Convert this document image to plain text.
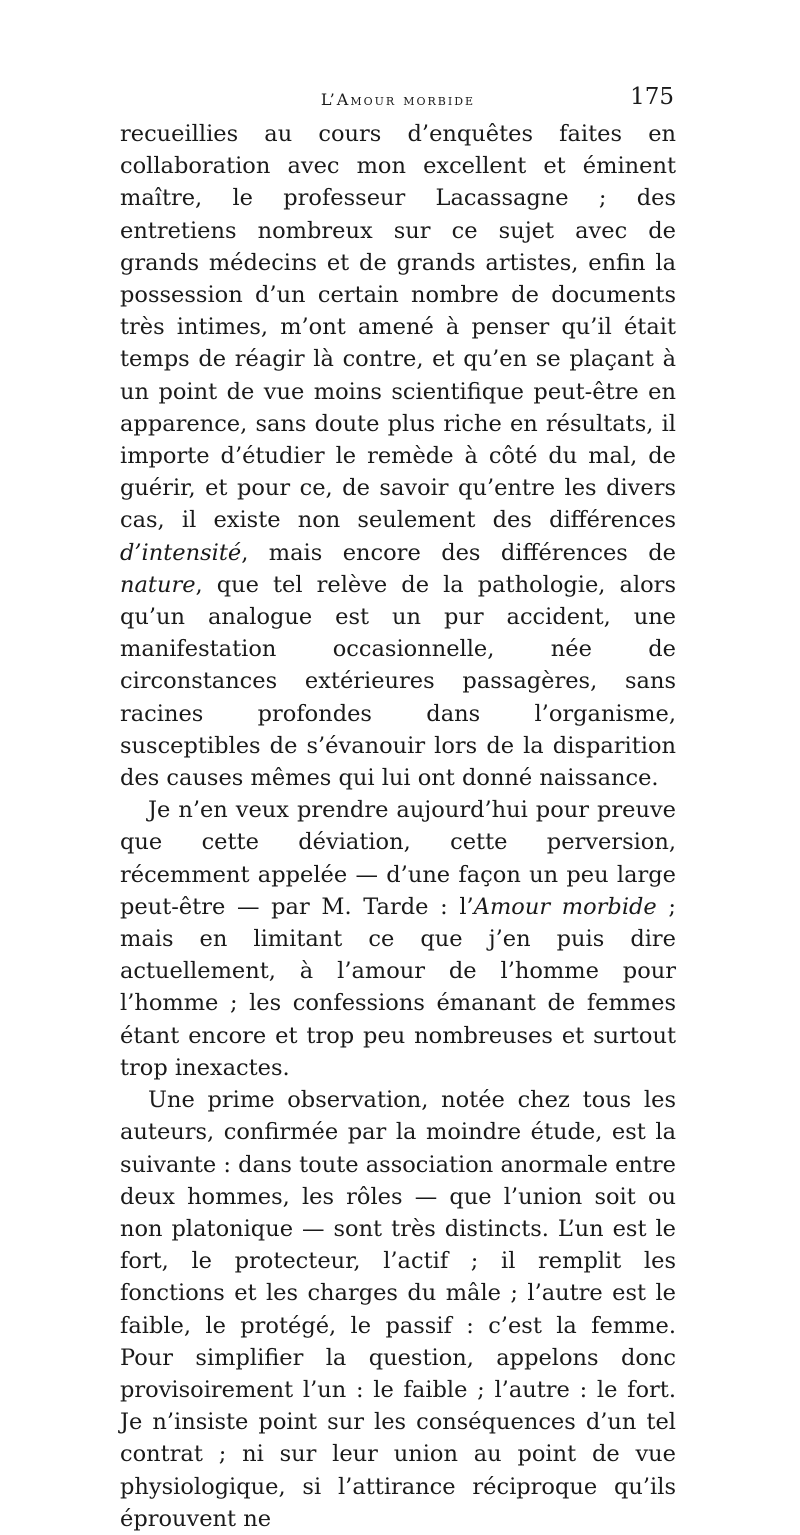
L’Amour morbide	175

recueillies au cours d’enquêtes faites en collaboration avec mon excellent et éminent maître, le professeur Lacassagne ; des entretiens nombreux sur ce sujet avec de grands médecins et de grands artistes, enfin la possession d’un certain nombre de documents très intimes, m’ont amené à penser qu’il était temps de réagir là contre, et qu’en se plaçant à un point de vue moins scientifique peut-être en apparence, sans doute plus riche en résultats, il importe d’étudier le remède à côté du mal, de guérir, et pour ce, de savoir qu’entre les divers cas, il existe non seulement des différences d’intensité, mais encore des différences de nature, que tel relève de la pathologie, alors qu’un analogue est un pur accident, une manifestation occasionnelle, née de circonstances extérieures passagères, sans racines profondes dans l’organisme, susceptibles de s’évanouir lors de la disparition des causes mêmes qui lui ont donné naissance.

Je n’en veux prendre aujourd’hui pour preuve que cette déviation, cette perversion, récemment appelée — d’une façon un peu large peut-être — par M. Tarde : l’Amour morbide ; mais en limitant ce que j’en puis dire actuellement, à l’amour de l’homme pour l’homme ; les confessions émanant de femmes étant encore et trop peu nombreuses et surtout trop inexactes.

Une prime observation, notée chez tous les auteurs, confirmée par la moindre étude, est la suivante : dans toute association anormale entre deux hommes, les rôles — que l’union soit ou non platonique — sont très distincts. L’un est le fort, le protecteur, l’actif ; il remplit les fonctions et les charges du mâle ; l’autre est le faible, le protégé, le passif : c’est la femme. Pour simplifier la question, appelons donc provisoirement l’un : le faible ; l’autre : le fort. Je n’insiste point sur les conséquences d’un tel contrat ; ni sur leur union au point de vue physiologique, si l’attirance réciproque qu’ils éprouvent ne
